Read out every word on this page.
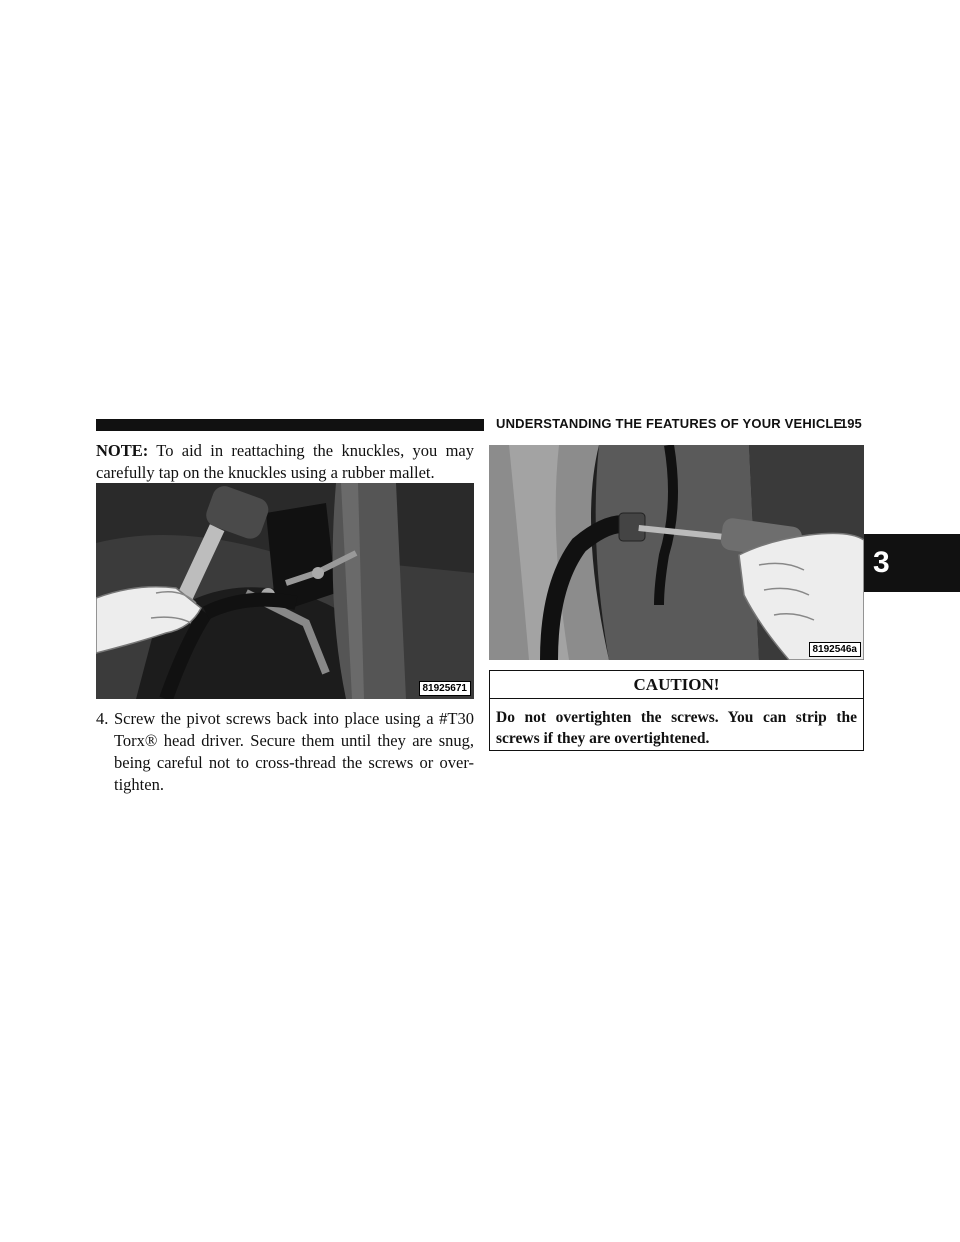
UNDERSTANDING THE FEATURES OF YOUR VEHICLE
195
3
NOTE: To aid in reattaching the knuckles, you may carefully tap on the knuckles using a rubber mallet.
81925671
8192546a
4. Screw the pivot screws back into place using a #T30 Torx® head driver. Secure them until they are snug, being careful not to cross-thread the screws or over-tighten.
CAUTION!
Do not overtighten the screws. You can strip the screws if they are overtightened.
